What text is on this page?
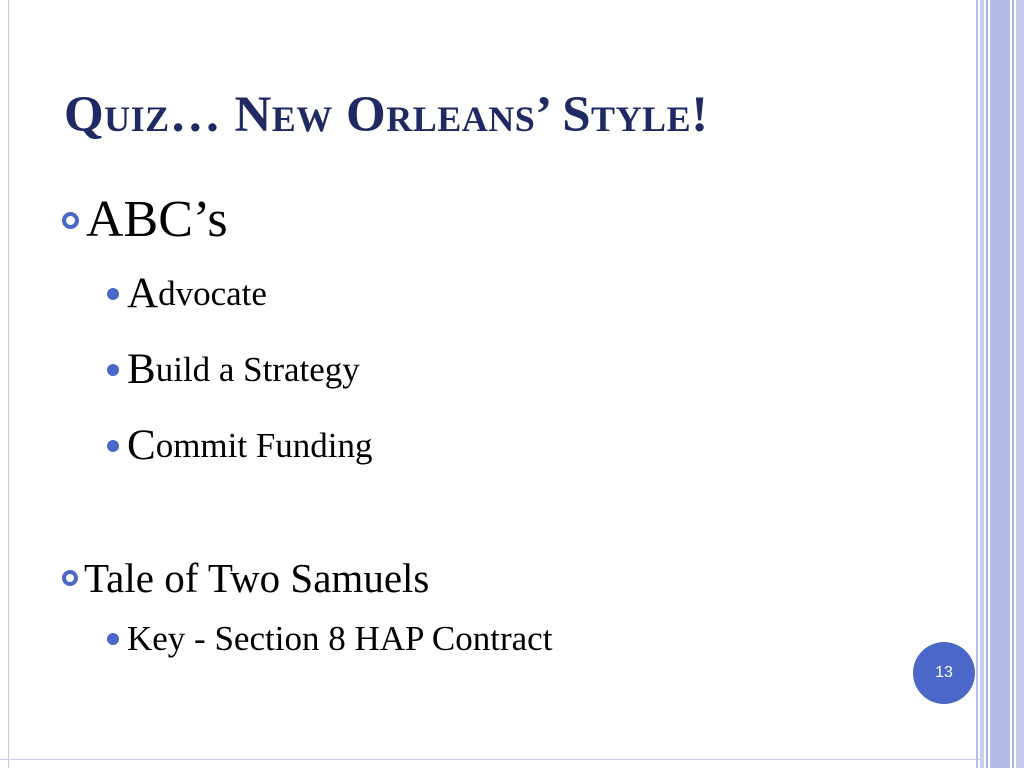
Quiz… New Orleans’ Style!
ABC’s
A dvocate
B uild a Strategy
C ommit Funding
Tale of Two Samuels
Key - Section 8 HAP Contract
13
